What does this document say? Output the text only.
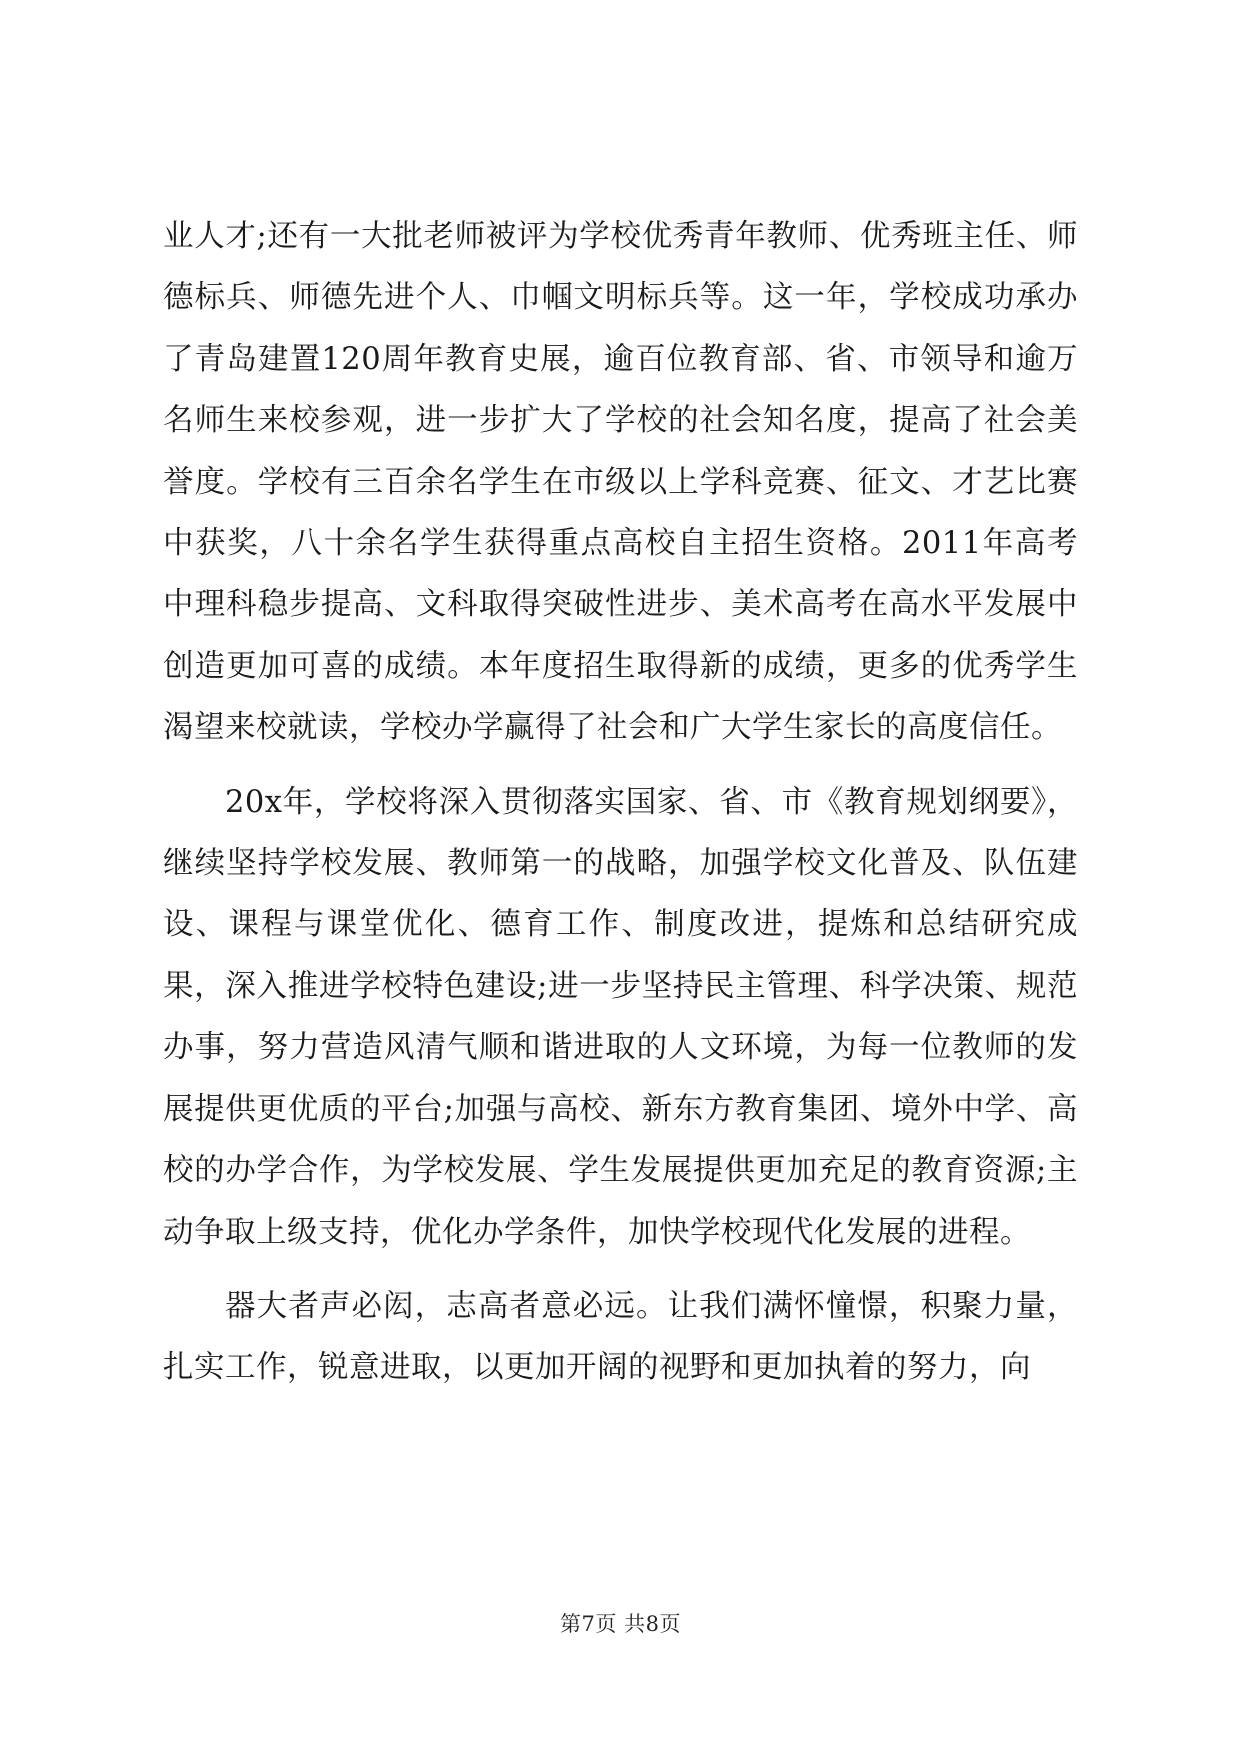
业人才;还有一大批老师被评为学校优秀青年教师、优秀班主任、师德标兵、师德先进个人、巾帼文明标兵等。这一年，学校成功承办了青岛建置120周年教育史展，逾百位教育部、省、市领导和逾万名师生来校参观，进一步扩大了学校的社会知名度，提高了社会美誉度。学校有三百余名学生在市级以上学科竞赛、征文、才艺比赛中获奖，八十余名学生获得重点高校自主招生资格。2011年高考中理科稳步提高、文科取得突破性进步、美术高考在高水平发展中创造更加可喜的成绩。本年度招生取得新的成绩，更多的优秀学生渴望来校就读，学校办学赢得了社会和广大学生家长的高度信任。

20x年，学校将深入贯彻落实国家、省、市《教育规划纲要》，继续坚持学校发展、教师第一的战略，加强学校文化普及、队伍建设、课程与课堂优化、德育工作、制度改进，提炼和总结研究成果，深入推进学校特色建设;进一步坚持民主管理、科学决策、规范办事，努力营造风清气顺和谐进取的人文环境，为每一位教师的发展提供更优质的平台;加强与高校、新东方教育集团、境外中学、高校的办学合作，为学校发展、学生发展提供更加充足的教育资源;主动争取上级支持，优化办学条件，加快学校现代化发展的进程。

器大者声必闳，志高者意必远。让我们满怀憧憬，积聚力量，扎实工作，锐意进取，以更加开阔的视野和更加执着的努力，向

第7页 共8页
